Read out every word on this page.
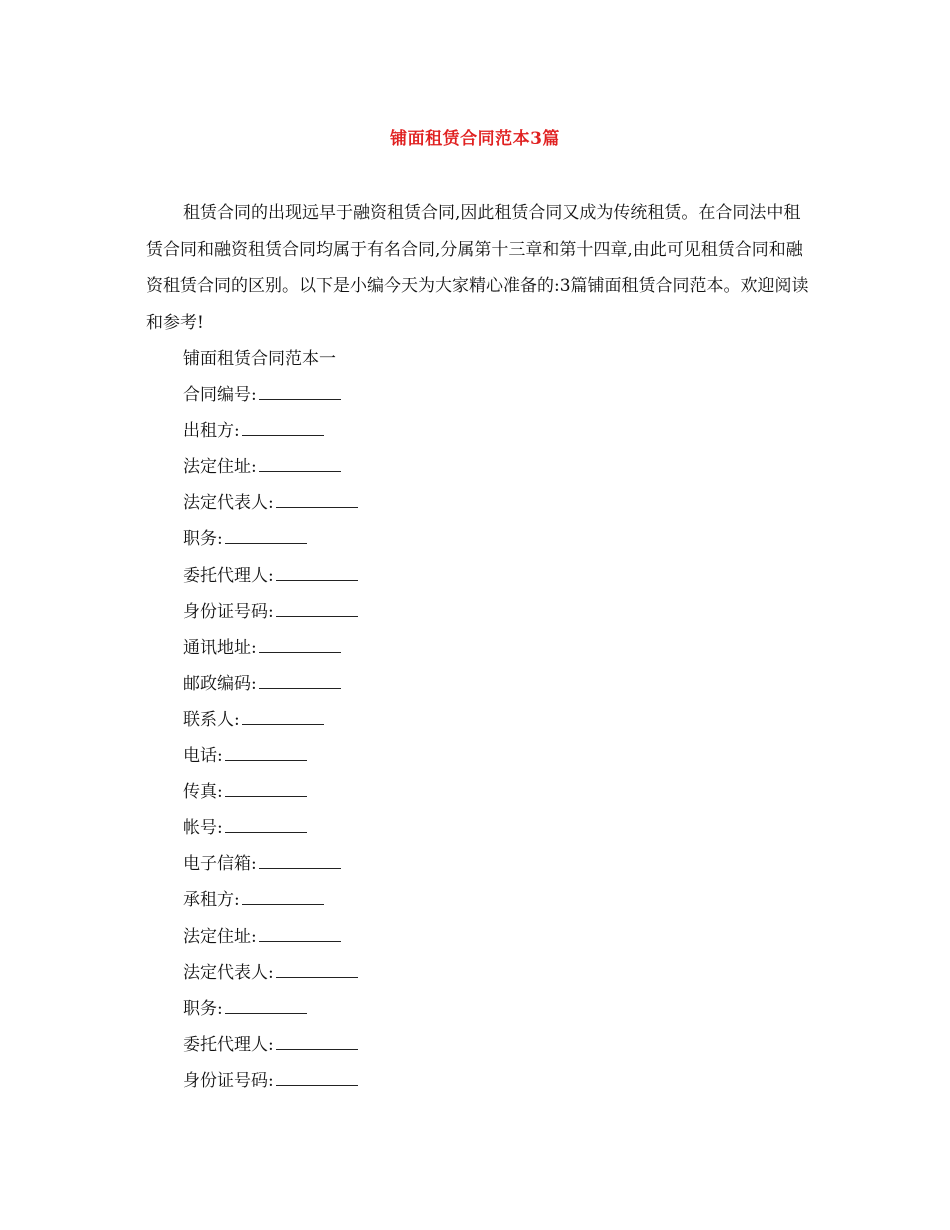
铺面租赁合同范本3篇

租赁合同的出现远早于融资租赁合同,因此租赁合同又成为传统租赁。在合同法中租赁合同和融资租赁合同均属于有名合同,分属第十三章和第十四章,由此可见租赁合同和融资租赁合同的区别。以下是小编今天为大家精心准备的:3篇铺面租赁合同范本。欢迎阅读和参考!

铺面租赁合同范本一
合同编号:
出租方:
法定住址:
法定代表人:
职务:
委托代理人:
身份证号码:
通讯地址:
邮政编码:
联系人:
电话:
传真:
帐号:
电子信箱:
承租方:
法定住址:
法定代表人:
职务:
委托代理人:
身份证号码:
